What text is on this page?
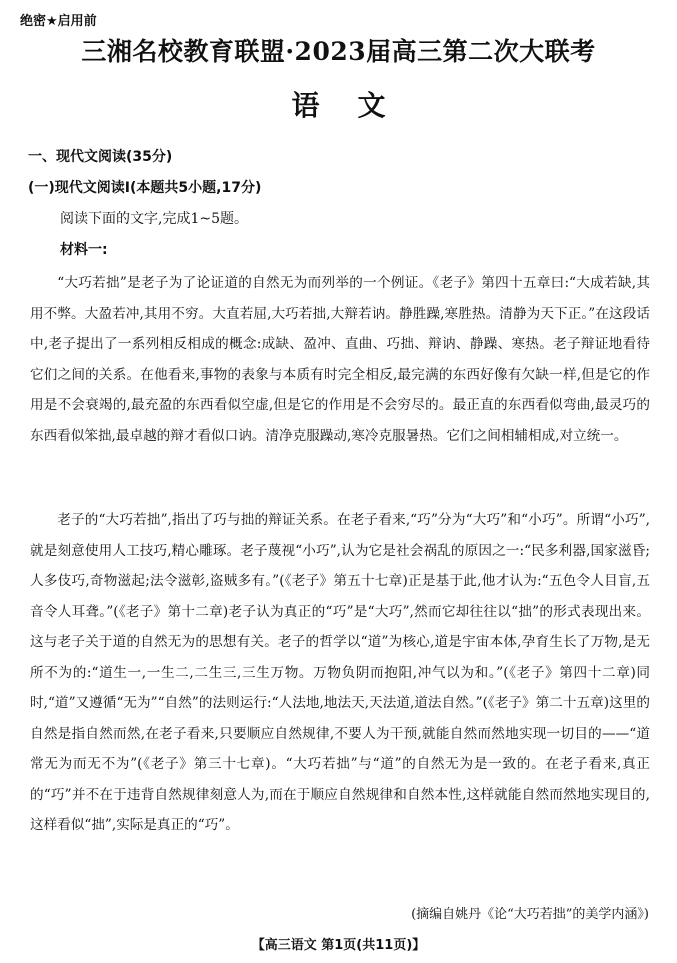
绝密★启用前
三湘名校教育联盟·2023届高三第二次大联考
语文
一、现代文阅读(35分)
(一)现代文阅读Ⅰ(本题共5小题,17分)
阅读下面的文字,完成1~5题。
材料一:

“大巧若拙”是老子为了论证道的自然无为而列举的一个例证。《老子》第四十五章曰:“大成若缺,其用不弊。大盈若冲,其用不穷。大直若屈,大巧若拙,大辩若讷。静胜躁,寒胜热。清静为天下正。”在这段话中,老子提出了一系列相反相成的概念:成缺、盈冲、直曲、巧拙、辩讷、静躁、寒热。老子辩证地看待它们之间的关系。在他看来,事物的表象与本质有时完全相反,最完满的东西好像有欠缺一样,但是它的作用是不会衰竭的,最充盈的东西看似空虚,但是它的作用是不会穷尽的。最正直的东西看似弯曲,最灵巧的东西看似笨拙,最卓越的辩才看似口讷。清净克服躁动,寒冷克服暑热。它们之间相辅相成,对立统一。

老子的“大巧若拙”,指出了巧与拙的辩证关系。在老子看来,“巧”分为“大巧”和“小巧”。所谓“小巧”,就是刻意使用人工技巧,精心雕琢。老子蔑视“小巧”,认为它是社会祸乱的原因之一:“民多利器,国家滋昏;人多伎巧,奇物滋起;法令滋彰,盗贼多有。”(《老子》第五十七章)正是基于此,他才认为:“五色令人目盲,五音令人耳聋。”(《老子》第十二章)老子认为真正的“巧”是“大巧”,然而它却往往以“拙”的形式表现出来。这与老子关于道的自然无为的思想有关。老子的哲学以“道”为核心,道是宇宙本体,孕育生长了万物,是无所不为的:“道生一,一生二,二生三,三生万物。万物负阴而抱阳,冲气以为和。”(《老子》第四十二章)同时,“道”又遵循“无为”“自然”的法则运行:“人法地,地法天,天法道,道法自然。”(《老子》第二十五章)这里的自然是指自然而然,在老子看来,只要顺应自然规律,不要人为干预,就能自然而然地实现一切目的——“道常无为而无不为”(《老子》第三十七章)。“大巧若拙”与“道”的自然无为是一致的。在老子看来,真正的“巧”并不在于违背自然规律刻意人为,而在于顺应自然规律和自然本性,这样就能自然而然地实现目的,这样看似“拙”,实际是真正的“巧”。

(摘编自姚丹《论“大巧若拙”的美学内涵》)
【高三语文 第1页(共11页)】
